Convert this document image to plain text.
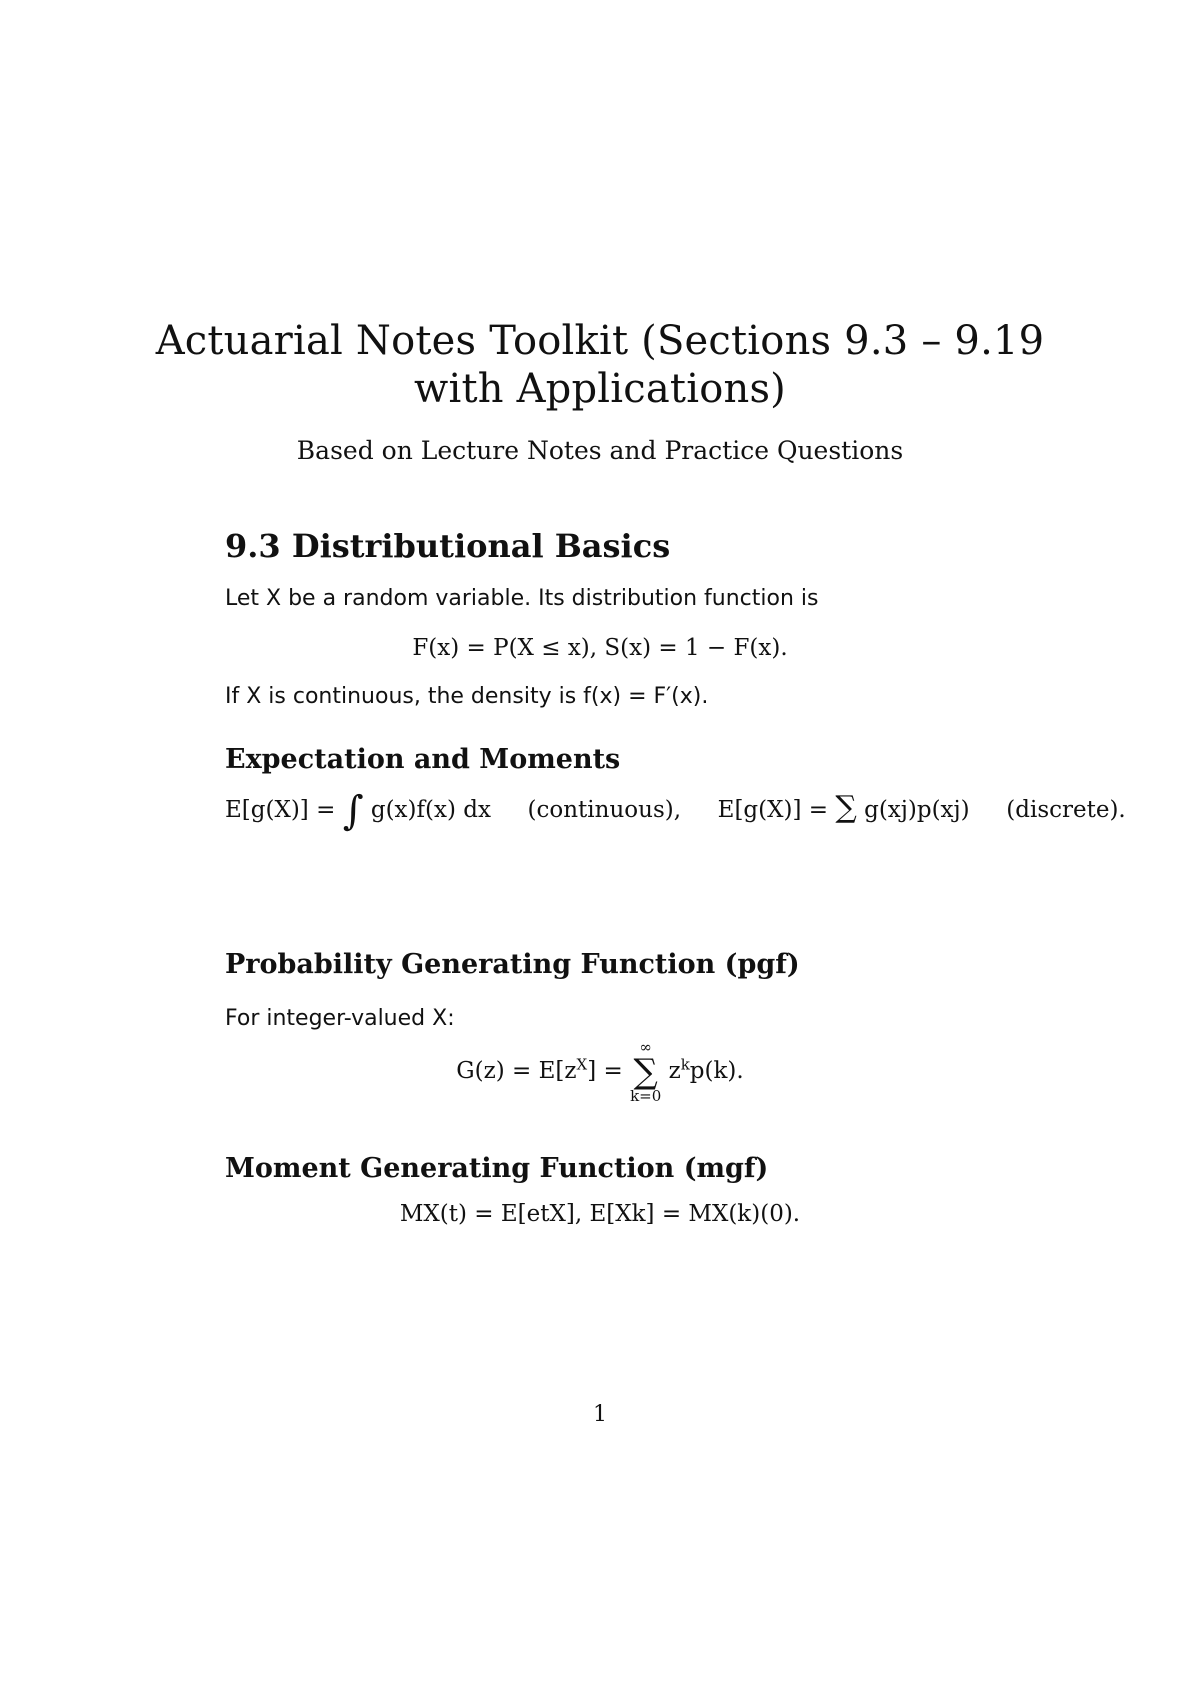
Actuarial Notes Toolkit (Sections 9.3 – 9.19
with Applications)
Based on Lecture Notes and Practice Questions
9.3 Distributional Basics
Let X be a random variable. Its distribution function is
F(x) = P(X ≤ x), S(x) = 1 − F(x).
If X is continuous, the density is f(x) = F′(x).
Expectation and Moments
E[g(X)] = ∫ g(x)f(x) dx (continuous), E[g(X)] = ∑ g(xj)p(xj) (discrete).
Probability Generating Function (pgf)
For integer-valued X:
$G(z) = E[z^X]$ =
∞
∑
k=0
$z^kp(k)$.
Moment Generating Function (mgf)
MX(t) = E[etX], E[Xk] = MX(k)(0).
1
